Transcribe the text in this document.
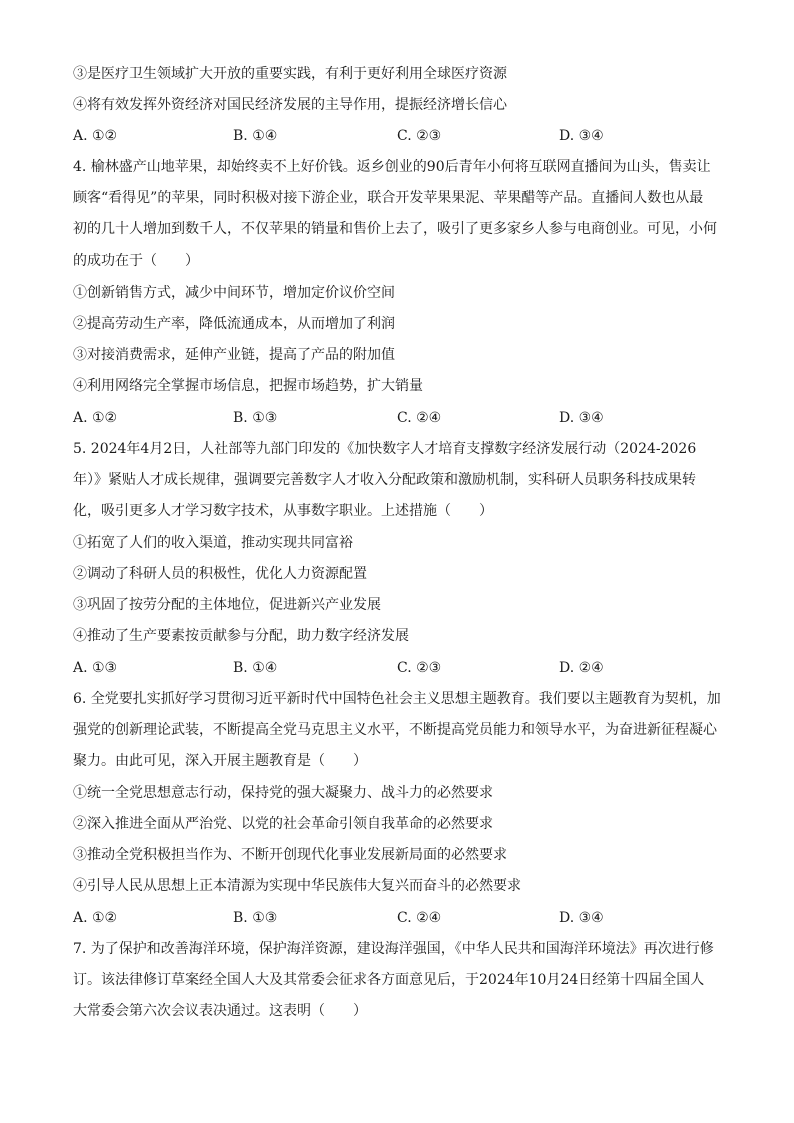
③是医疗卫生领域扩大开放的重要实践，有利于更好利用全球医疗资源
④将有效发挥外资经济对国民经济发展的主导作用，提振经济增长信心
A. ①②	B. ①④	C. ②③	D. ③④
4. 榆林盛产山地苹果，却始终卖不上好价钱。返乡创业的90后青年小何将互联网直播间为山头，售卖让
顾客“看得见”的苹果，同时积极对接下游企业，联合开发苹果果泥、苹果醋等产品。直播间人数也从最
初的几十人增加到数千人，不仅苹果的销量和售价上去了，吸引了更多家乡人参与电商创业。可见，小何
的成功在于（　　）
①创新销售方式，减少中间环节，增加定价议价空间
②提高劳动生产率，降低流通成本，从而增加了利润
③对接消费需求，延伸产业链，提高了产品的附加值
④利用网络完全掌握市场信息，把握市场趋势，扩大销量
A. ①②	B. ①③	C. ②④	D. ③④
5. 2024年4月2日，人社部等九部门印发的《加快数字人才培育支撑数字经济发展行动（2024-2026
年）》紧贴人才成长规律，强调要完善数字人才收入分配政策和激励机制，实科研人员职务科技成果转
化，吸引更多人才学习数字技术，从事数字职业。上述措施（　　）
①拓宽了人们的收入渠道，推动实现共同富裕
②调动了科研人员的积极性，优化人力资源配置
③巩固了按劳分配的主体地位，促进新兴产业发展
④推动了生产要素按贡献参与分配，助力数字经济发展
A. ①③	B. ①④	C. ②③	D. ②④
6. 全党要扎实抓好学习贯彻习近平新时代中国特色社会主义思想主题教育。我们要以主题教育为契机，加
强党的创新理论武装，不断提高全党马克思主义水平，不断提高党员能力和领导水平，为奋进新征程凝心
聚力。由此可见，深入开展主题教育是（　　）
①统一全党思想意志行动，保持党的强大凝聚力、战斗力的必然要求
②深入推进全面从严治党、以党的社会革命引领自我革命的必然要求
③推动全党积极担当作为、不断开创现代化事业发展新局面的必然要求
④引导人民从思想上正本清源为实现中华民族伟大复兴而奋斗的必然要求
A. ①②	B. ①③	C. ②④	D. ③④
7. 为了保护和改善海洋环境，保护海洋资源，建设海洋强国，《中华人民共和国海洋环境法》再次进行修
订。该法律修订草案经全国人大及其常委会征求各方面意见后，于2024年10月24日经第十四届全国人
大常委会第六次会议表决通过。这表明（　　）
